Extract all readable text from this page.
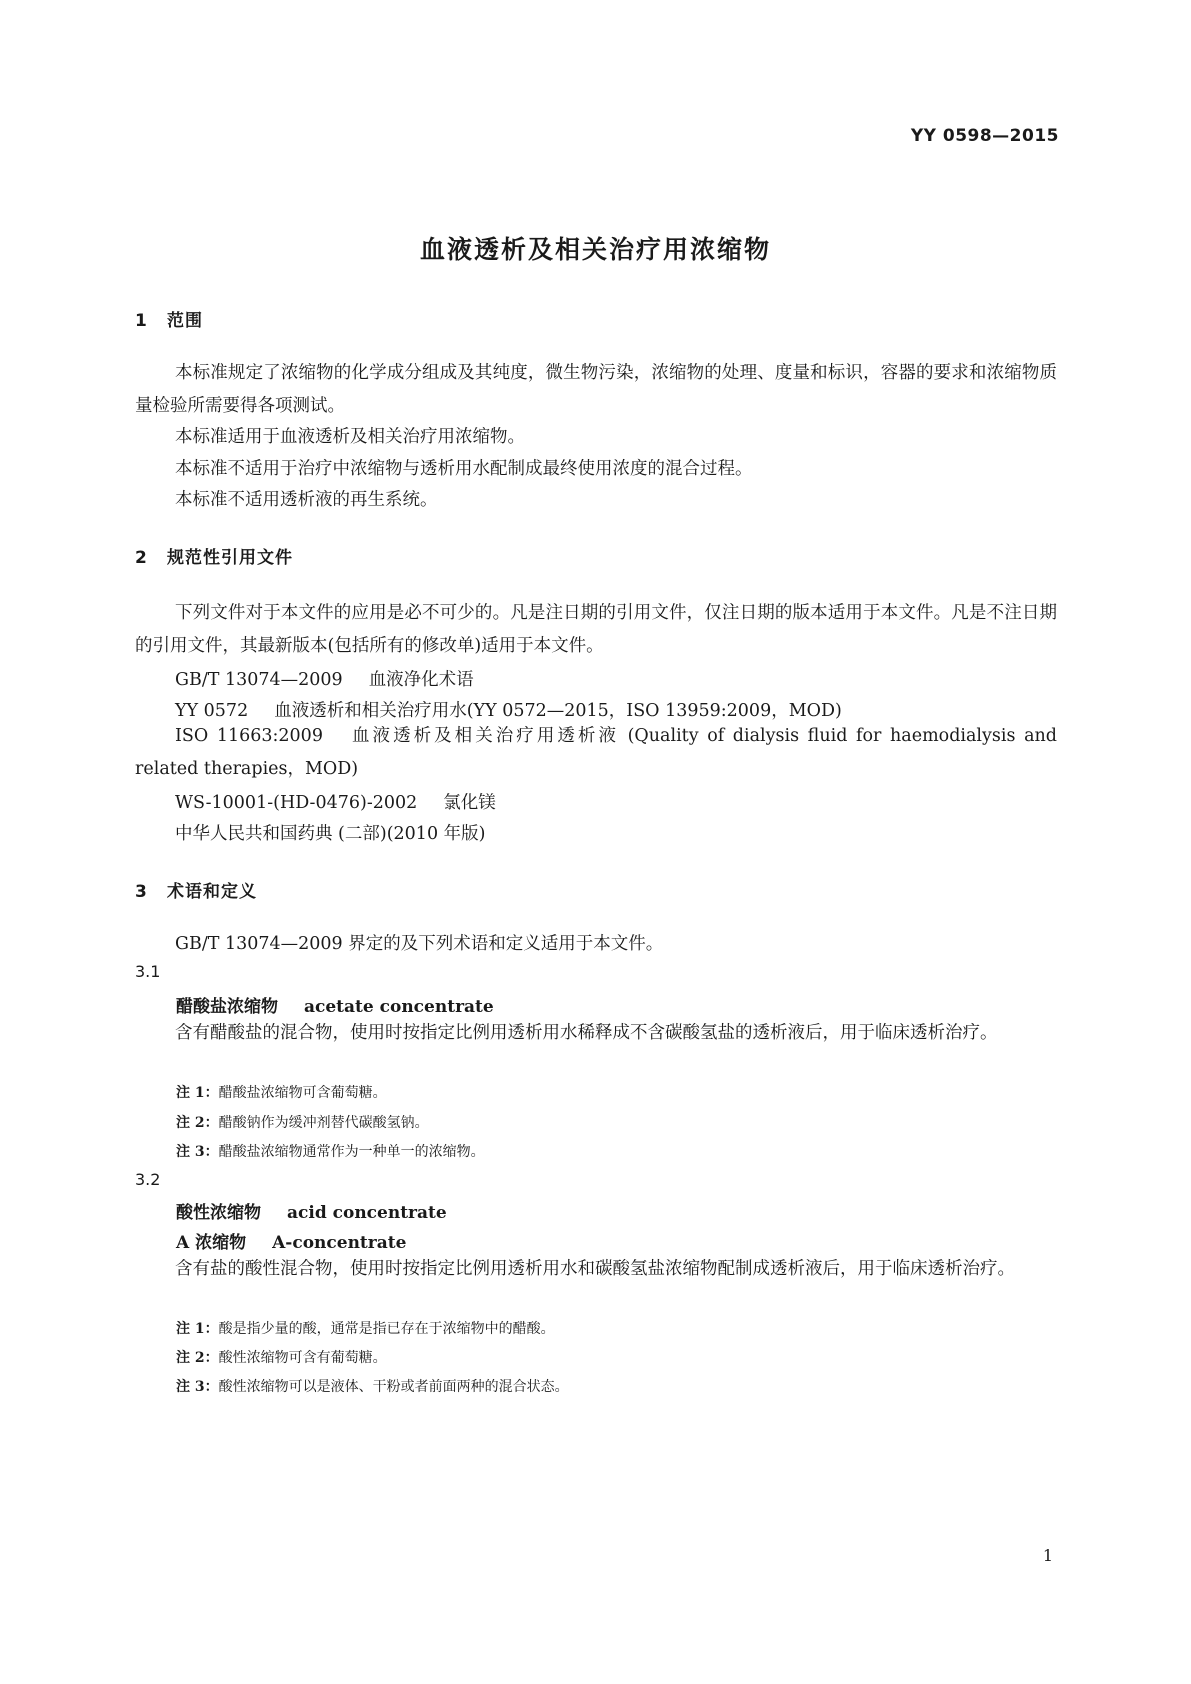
YY 0598—2015
血液透析及相关治疗用浓缩物
1 范围
本标准规定了浓缩物的化学成分组成及其纯度，微生物污染，浓缩物的处理、度量和标识，容器的要求和浓缩物质量检验所需要得各项测试。
本标准适用于血液透析及相关治疗用浓缩物。
本标准不适用于治疗中浓缩物与透析用水配制成最终使用浓度的混合过程。
本标准不适用透析液的再生系统。
2 规范性引用文件
下列文件对于本文件的应用是必不可少的。凡是注日期的引用文件，仅注日期的版本适用于本文件。凡是不注日期的引用文件，其最新版本(包括所有的修改单)适用于本文件。
GB/T 13074—2009 血液净化术语
YY 0572 血液透析和相关治疗用水(YY 0572—2015，ISO 13959:2009，MOD)
ISO 11663:2009 血液透析及相关治疗用透析液 (Quality of dialysis fluid for haemodialysis and related therapies，MOD)
WS-10001-(HD-0476)-2002 氯化镁
中华人民共和国药典 (二部)(2010 年版)
3 术语和定义
GB/T 13074—2009 界定的及下列术语和定义适用于本文件。
3.1
醋酸盐浓缩物 acetate concentrate
含有醋酸盐的混合物，使用时按指定比例用透析用水稀释成不含碳酸氢盐的透析液后，用于临床透析治疗。
注 1：醋酸盐浓缩物可含葡萄糖。
注 2：醋酸钠作为缓冲剂替代碳酸氢钠。
注 3：醋酸盐浓缩物通常作为一种单一的浓缩物。
3.2
酸性浓缩物 acid concentrate
A 浓缩物 A-concentrate
含有盐的酸性混合物，使用时按指定比例用透析用水和碳酸氢盐浓缩物配制成透析液后，用于临床透析治疗。
注 1：酸是指少量的酸，通常是指已存在于浓缩物中的醋酸。
注 2：酸性浓缩物可含有葡萄糖。
注 3：酸性浓缩物可以是液体、干粉或者前面两种的混合状态。
1
